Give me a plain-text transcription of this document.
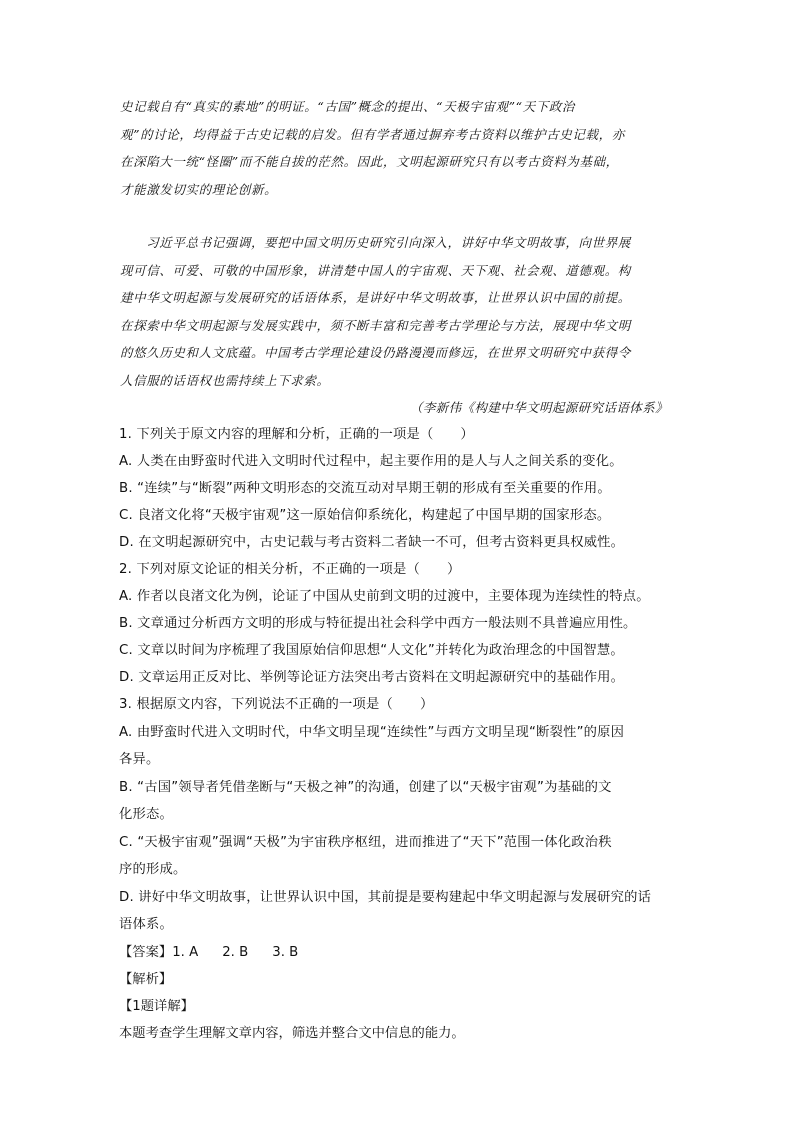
史记载自有“真实的素地”的明证。“古国”概念的提出、“天极宇宙观”“天下政治
观”的讨论，均得益于古史记载的启发。但有学者通过摒弃考古资料以维护古史记载，亦
在深陷大一统“怪圈”而不能自拔的茫然。因此，文明起源研究只有以考古资料为基础，
才能激发切实的理论创新。
　　习近平总书记强调，要把中国文明历史研究引向深入，讲好中华文明故事，向世界展
现可信、可爱、可敬的中国形象，讲清楚中国人的宇宙观、天下观、社会观、道德观。构
建中华文明起源与发展研究的话语体系，是讲好中华文明故事，让世界认识中国的前提。
在探索中华文明起源与发展实践中，须不断丰富和完善考古学理论与方法，展现中华文明
的悠久历史和人文底蕴。中国考古学理论建设仍路漫漫而修远，在世界文明研究中获得令
人信服的话语权也需持续上下求索。
（李新伟《构建中华文明起源研究话语体系》
1. 下列关于原文内容的理解和分析，正确的一项是（　　）
A. 人类在由野蛮时代进入文明时代过程中，起主要作用的是人与人之间关系的变化。
B. “连续”与“断裂”两种文明形态的交流互动对早期王朝的形成有至关重要的作用。
C. 良渚文化将“天极宇宙观”这一原始信仰系统化，构建起了中国早期的国家形态。
D. 在文明起源研究中，古史记载与考古资料二者缺一不可，但考古资料更具权威性。
2. 下列对原文论证的相关分析，不正确的一项是（　　）
A. 作者以良渚文化为例，论证了中国从史前到文明的过渡中，主要体现为连续性的特点。
B. 文章通过分析西方文明的形成与特征提出社会科学中西方一般法则不具普遍应用性。
C. 文章以时间为序梳理了我国原始信仰思想“人文化”并转化为政治理念的中国智慧。
D. 文章运用正反对比、举例等论证方法突出考古资料在文明起源研究中的基础作用。
3. 根据原文内容，下列说法不正确的一项是（　　）
A. 由野蛮时代进入文明时代，中华文明呈现“连续性”与西方文明呈现“断裂性”的原因
各异。
B. “古国”领导者凭借垄断与“天极之神”的沟通，创建了以“天极宇宙观”为基础的文
化形态。
C. “天极宇宙观”强调“天极”为宇宙秩序枢纽，进而推进了“天下”范围一体化政治秩
序的形成。
D. 讲好中华文明故事，让世界认识中国，其前提是要构建起中华文明起源与发展研究的话
语体系。
【答案】1. A 2. B 3. B
【解析】
【1题详解】
本题考查学生理解文章内容，筛选并整合文中信息的能力。
